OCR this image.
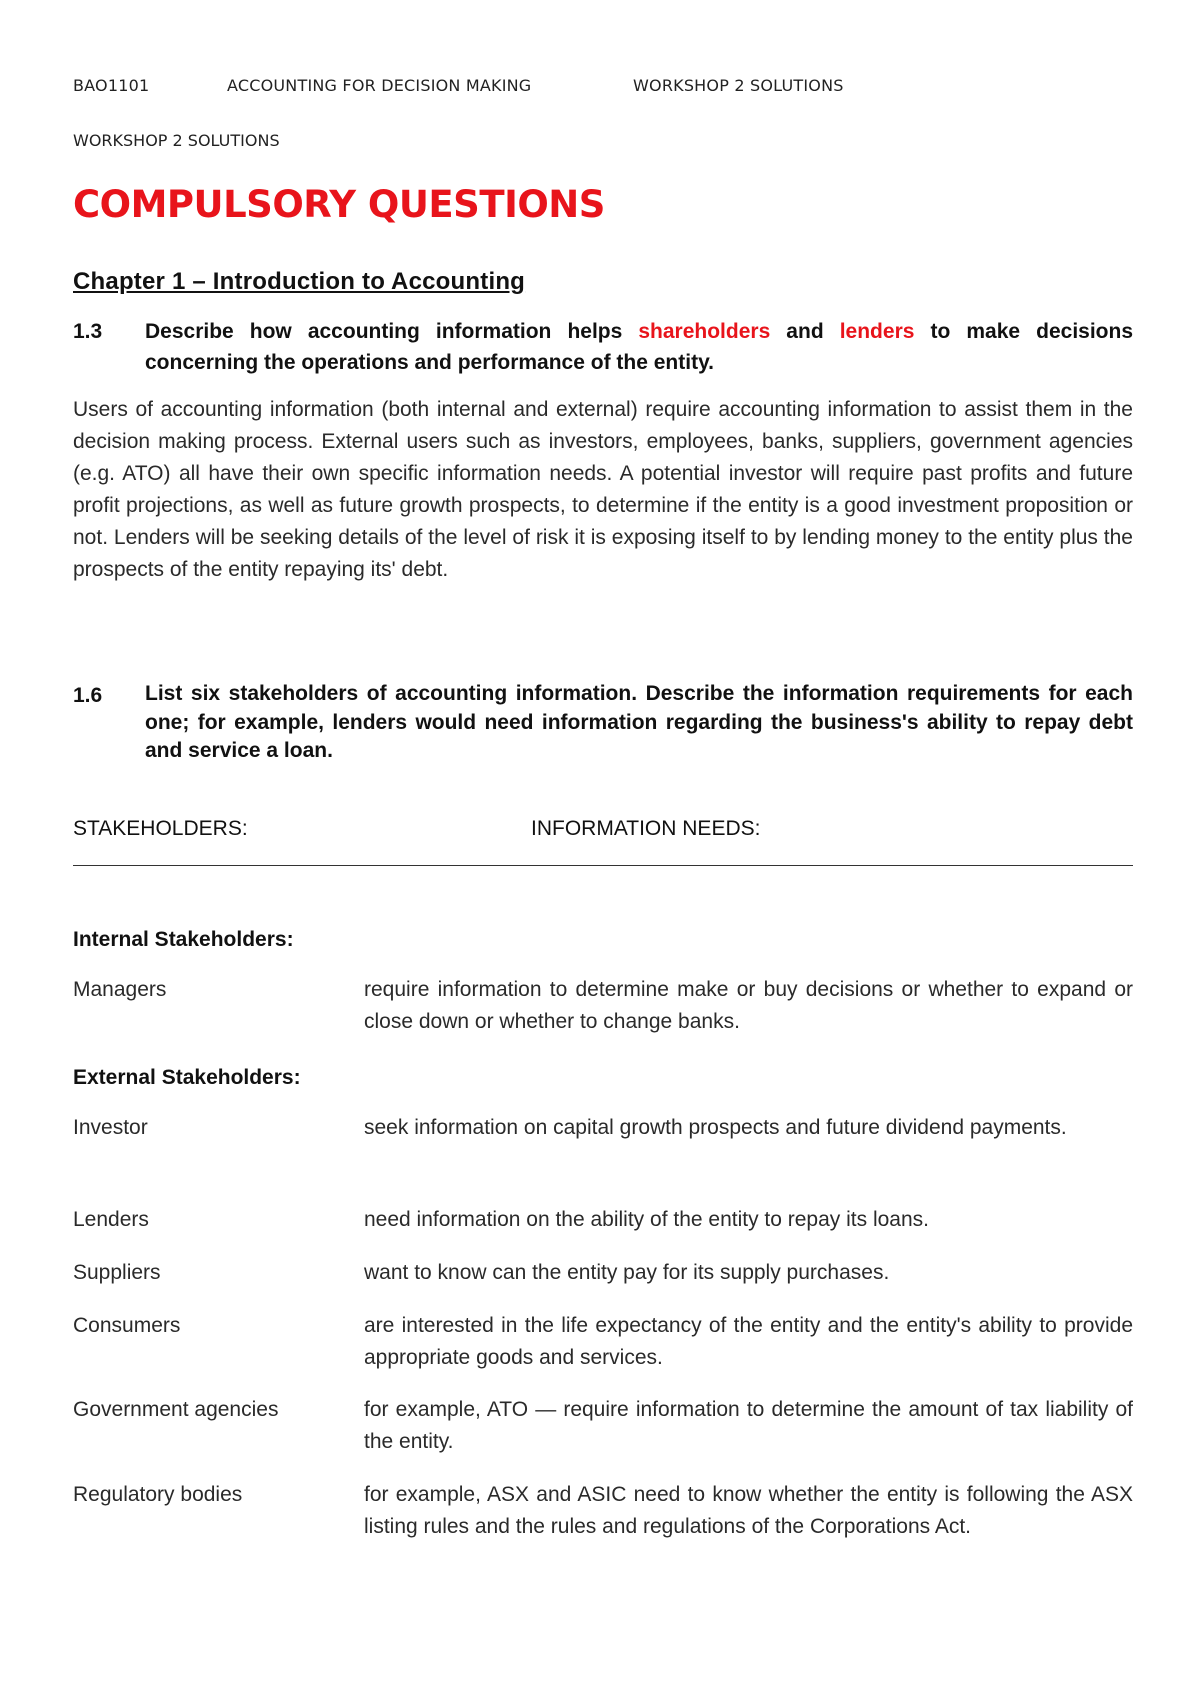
BAO1101	ACCOUNTING FOR DECISION MAKING	WORKSHOP 2 SOLUTIONS
WORKSHOP 2 SOLUTIONS
COMPULSORY QUESTIONS
Chapter 1 – Introduction to Accounting
1.3 Describe how accounting information helps shareholders and lenders to make decisions concerning the operations and performance of the entity.
Users of accounting information (both internal and external) require accounting information to assist them in the decision making process. External users such as investors, employees, banks, suppliers, government agencies (e.g. ATO) all have their own specific information needs. A potential investor will require past profits and future profit projections, as well as future growth prospects, to determine if the entity is a good investment proposition or not. Lenders will be seeking details of the level of risk it is exposing itself to by lending money to the entity plus the prospects of the entity repaying its' debt.
1.6 List six stakeholders of accounting information. Describe the information requirements for each one; for example, lenders would need information regarding the business's ability to repay debt and service a loan.
STAKEHOLDERS:	INFORMATION NEEDS:
Internal Stakeholders:
Managers	require information to determine make or buy decisions or whether to expand or close down or whether to change banks.
External Stakeholders:
Investor	seek information on capital growth prospects and future dividend payments.
Lenders	need information on the ability of the entity to repay its loans.
Suppliers	want to know can the entity pay for its supply purchases.
Consumers	are interested in the life expectancy of the entity and the entity's ability to provide appropriate goods and services.
Government agencies	for example, ATO — require information to determine the amount of tax liability of the entity.
Regulatory bodies	for example, ASX and ASIC need to know whether the entity is following the ASX listing rules and the rules and regulations of the Corporations Act.
